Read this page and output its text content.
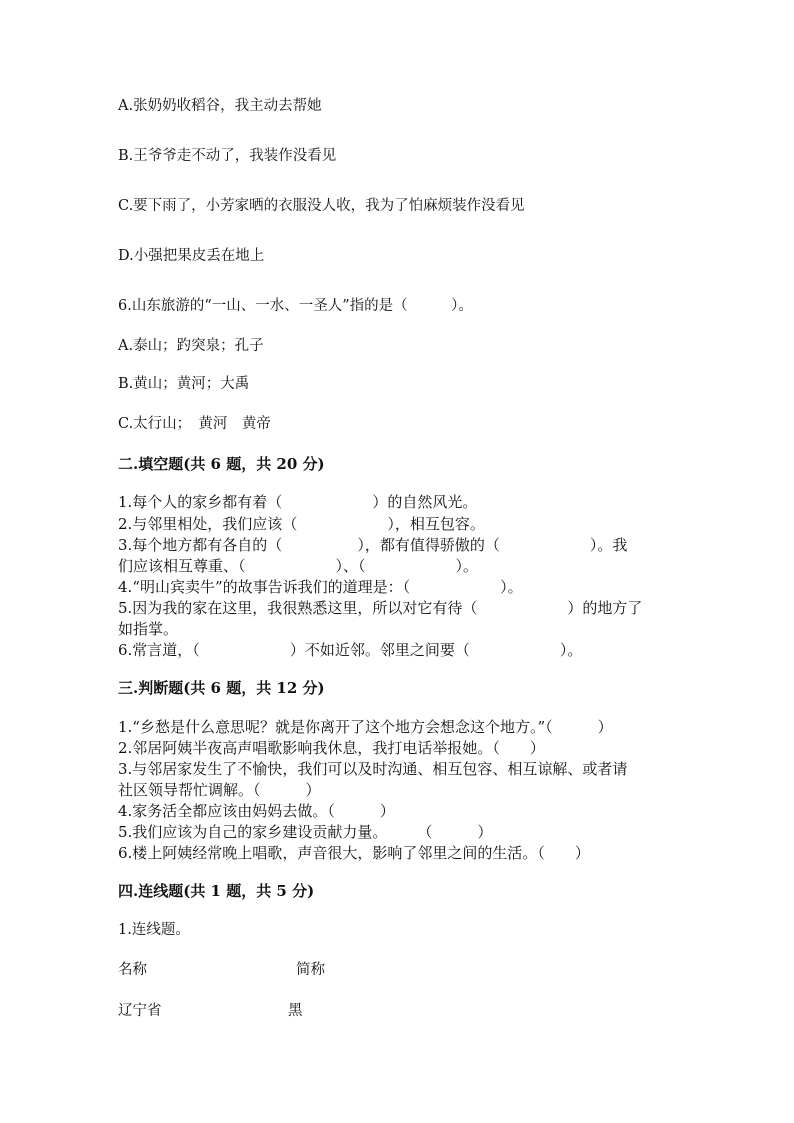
A.张奶奶收稻谷，我主动去帮她
B.王爷爷走不动了，我装作没看见
C.要下雨了，小芳家晒的衣服没人收，我为了怕麻烦装作没看见
D.小强把果皮丢在地上
6.山东旅游的“一山、一水、一圣人”指的是（　　　）。
A.泰山；趵突泉；孔子
B.黄山；黄河；大禹
C.太行山；　黄河　黄帝
二.填空题(共 6 题，共 20 分)
1.每个人的家乡都有着（　　　　　　）的自然风光。
2.与邻里相处，我们应该（　　　　　　），相互包容。
3.每个地方都有各自的（　　　　　），都有值得骄傲的（　　　　　　）。我
们应该相互尊重、（　　　　　　）、（　　　　　　）。
4.“明山宾卖牛”的故事告诉我们的道理是：（　　　　　　）。
5.因为我的家在这里，我很熟悉这里，所以对它有待（　　　　　　）的地方了
如指掌。
6.常言道，（　　　　　　）不如近邻。邻里之间要（　　　　　　）。
三.判断题(共 6 题，共 12 分)
1.“乡愁是什么意思呢？就是你离开了这个地方会想念这个地方。”（　　　）
2.邻居阿姨半夜高声唱歌影响我休息，我打电话举报她。（　　）
3.与邻居家发生了不愉快，我们可以及时沟通、相互包容、相互谅解、或者请
社区领导帮忙调解。（　　　）
4.家务活全都应该由妈妈去做。（　　　）
5.我们应该为自己的家乡建设贡献力量。　　　（　　　）
6.楼上阿姨经常晚上唱歌，声音很大，影响了邻里之间的生活。（　　）
四.连线题(共 1 题，共 5 分)
1.连线题。
名称	简称
辽宁省	黑
